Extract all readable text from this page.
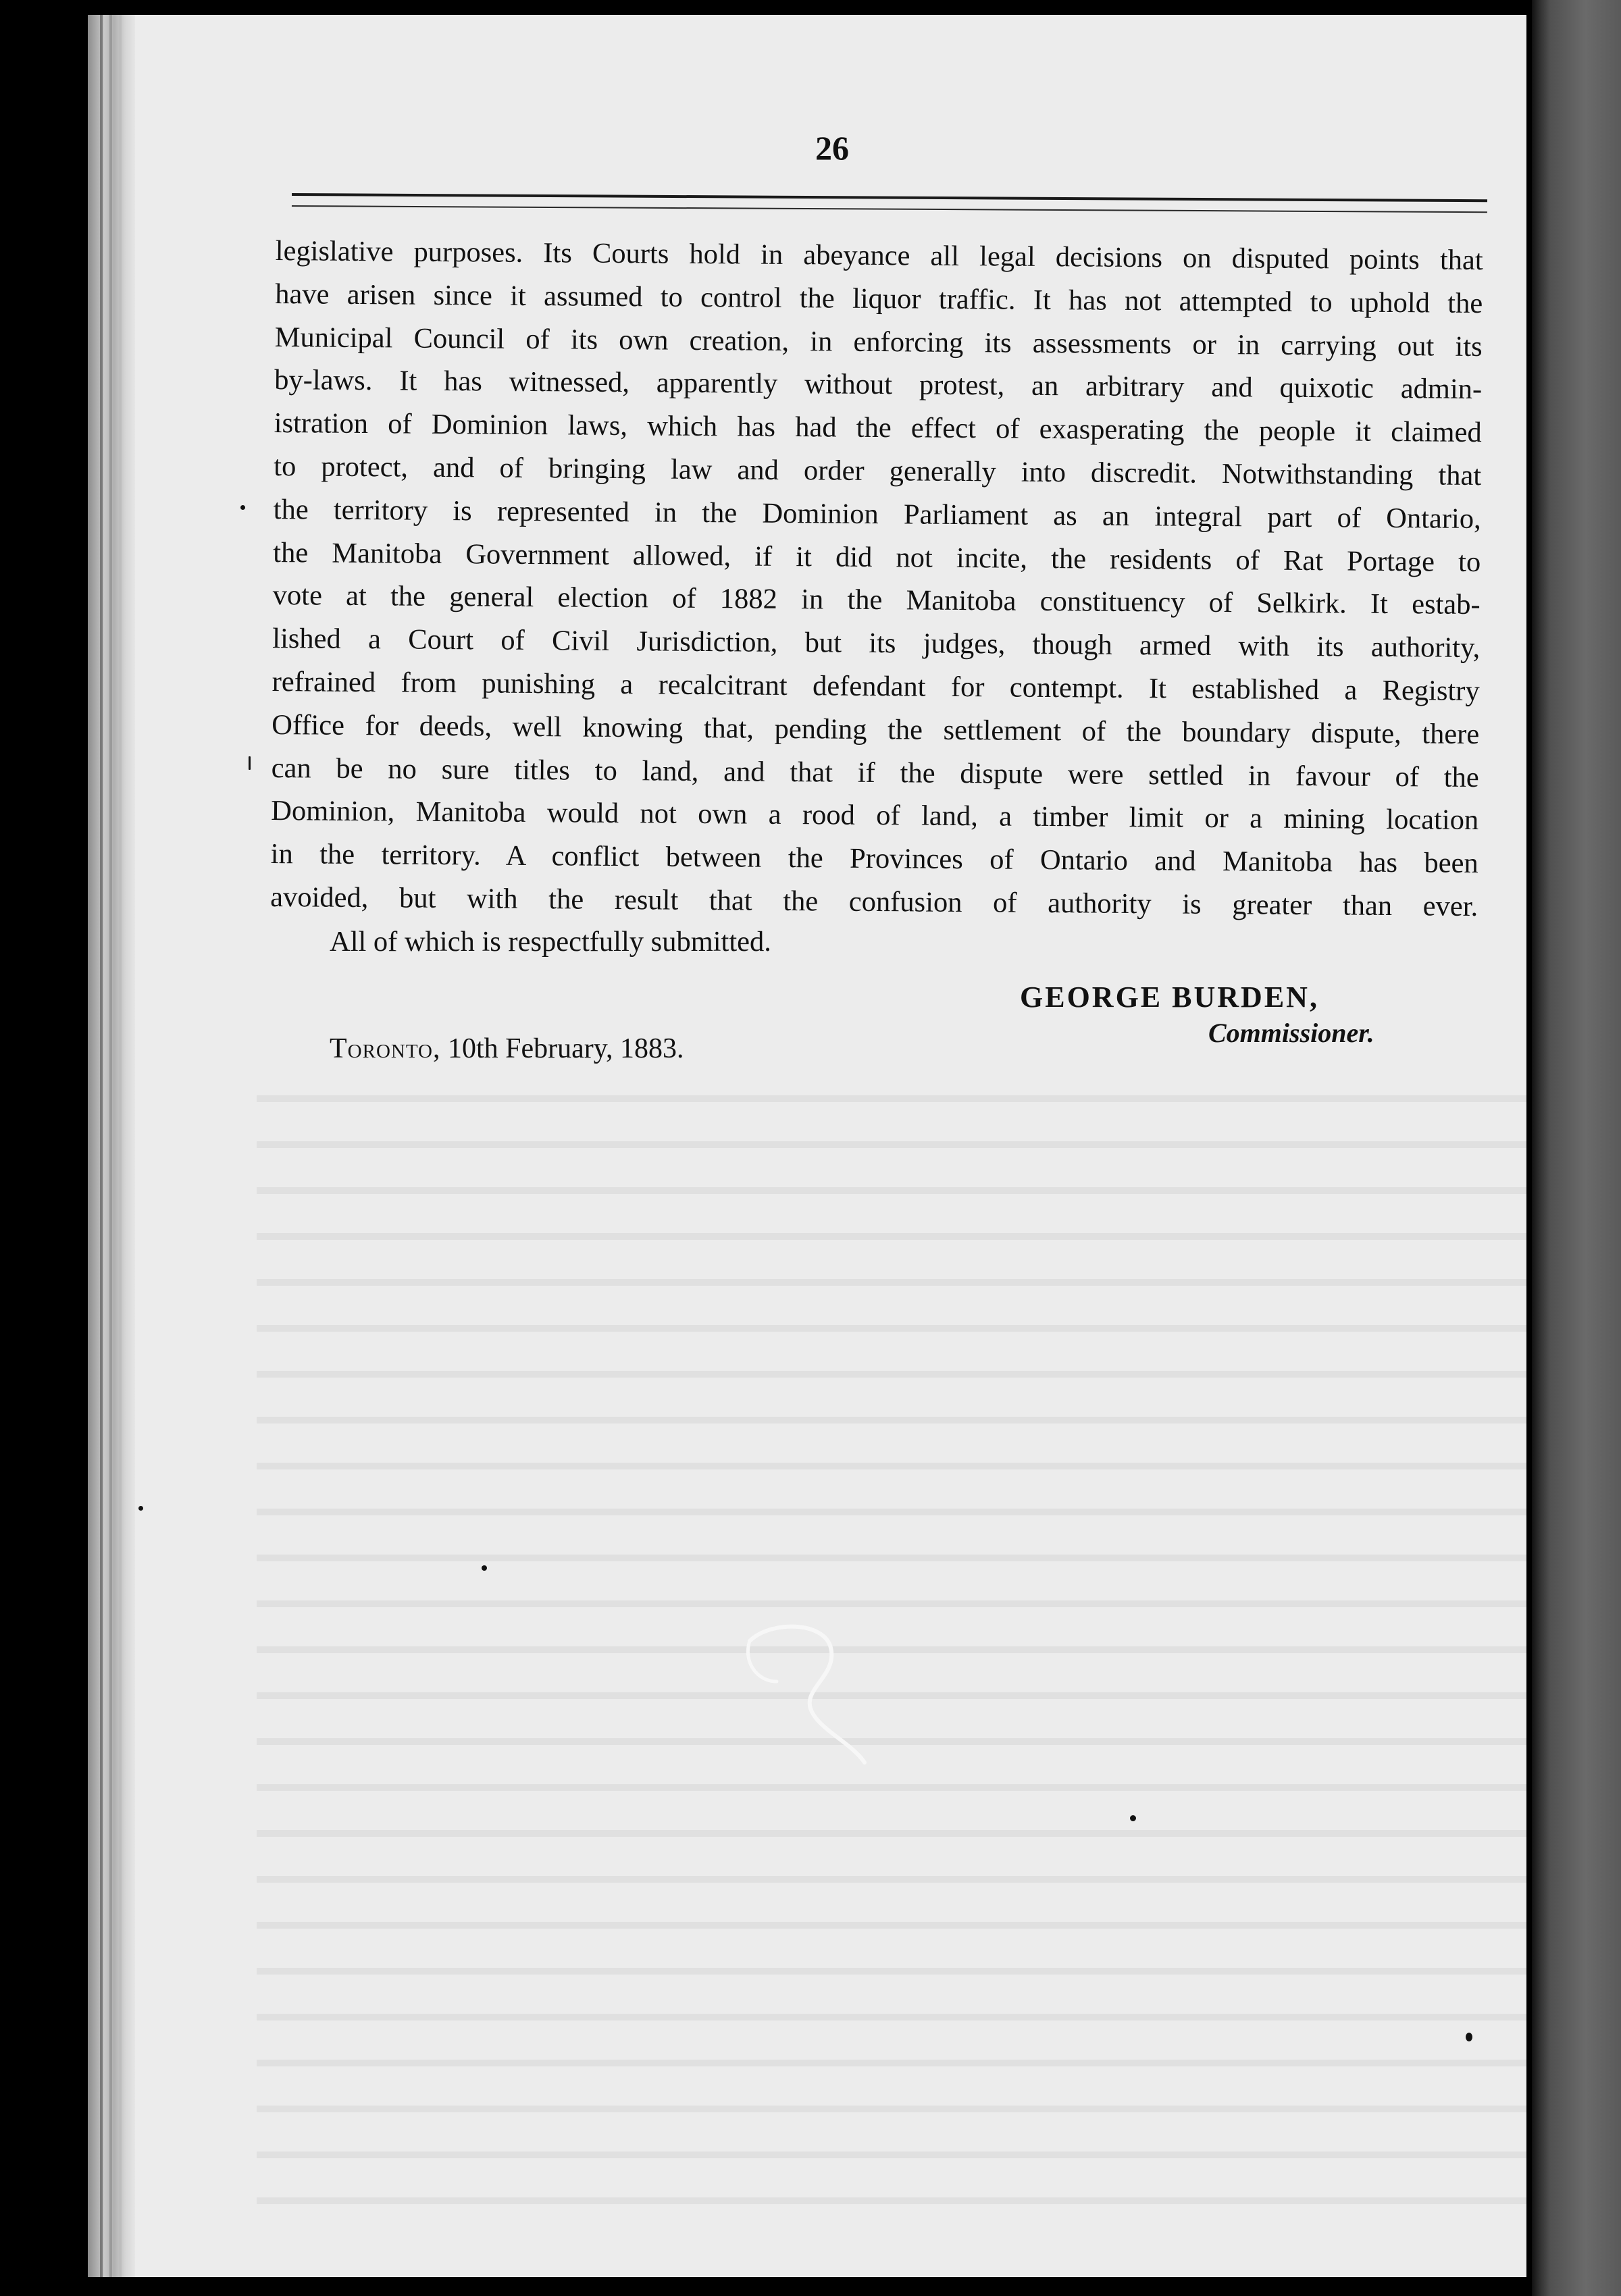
26
legislative purposes. Its Courts hold in abeyance all legal decisions on disputed points that
have arisen since it assumed to control the liquor traffic. It has not attempted to uphold the
Municipal Council of its own creation, in enforcing its assessments or in carrying out its
by-laws. It has witnessed, apparently without protest, an arbitrary and quixotic admin-
istration of Dominion laws, which has had the effect of exasperating the people it claimed
to protect, and of bringing law and order generally into discredit. Notwithstanding that
the territory is represented in the Dominion Parliament as an integral part of Ontario,
the Manitoba Government allowed, if it did not incite, the residents of Rat Portage to
vote at the general election of 1882 in the Manitoba constituency of Selkirk. It estab-
lished a Court of Civil Jurisdiction, but its judges, though armed with its authority,
refrained from punishing a recalcitrant defendant for contempt. It established a Registry
Office for deeds, well knowing that, pending the settlement of the boundary dispute, there
can be no sure titles to land, and that if the dispute were settled in favour of the
Dominion, Manitoba would not own a rood of land, a timber limit or a mining location
in the territory. A conflict between the Provinces of Ontario and Manitoba has been
avoided, but with the result that the confusion of authority is greater than ever.
All of which is respectfully submitted.
GEORGE BURDEN,
Commissioner.
Toronto, 10th February, 1883.
